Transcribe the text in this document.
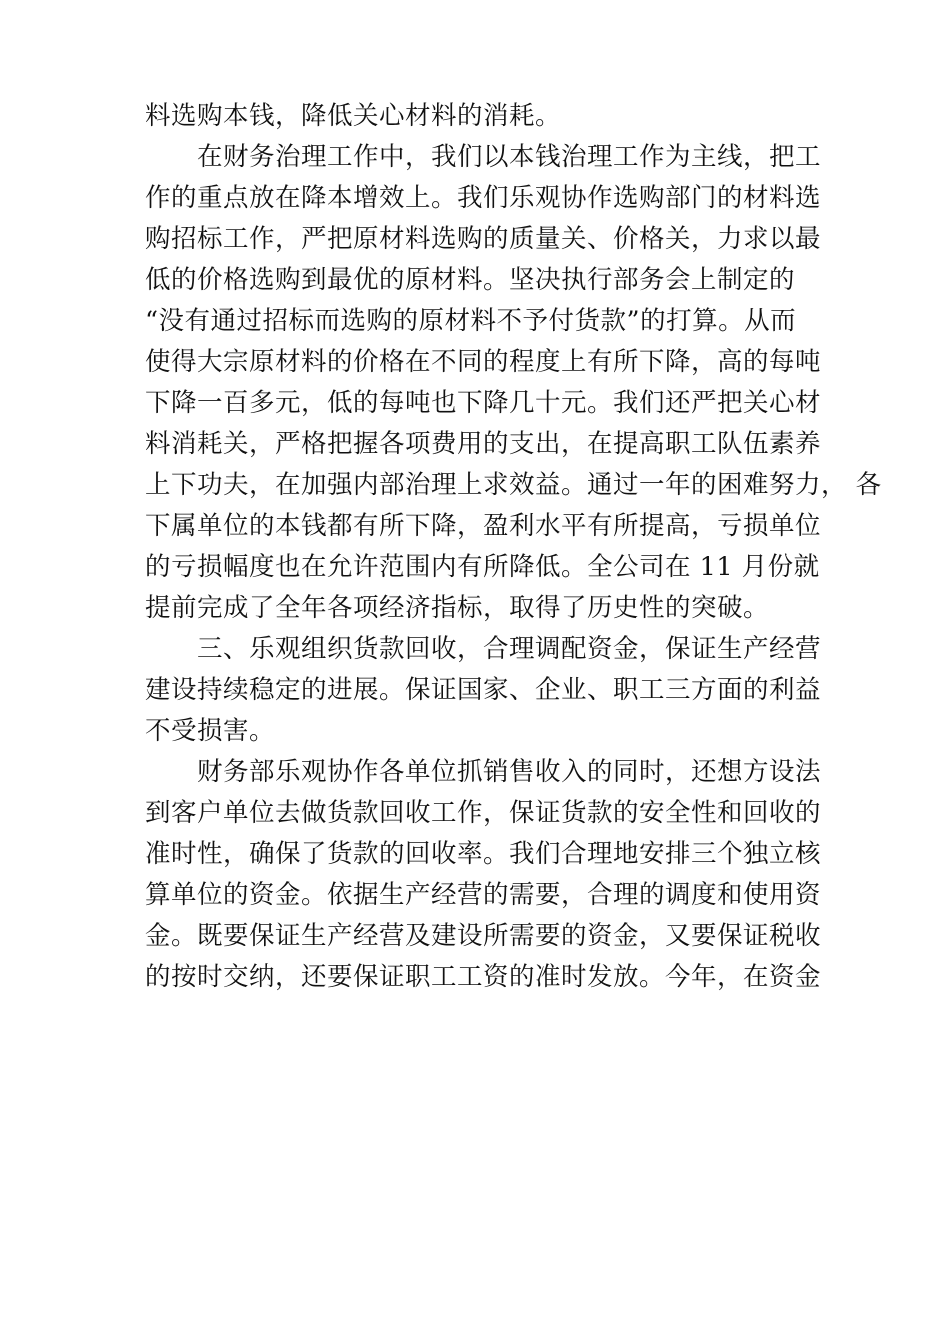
料选购本钱，降低关心材料的消耗。
在财务治理工作中，我们以本钱治理工作为主线，把工
作的重点放在降本增效上。我们乐观协作选购部门的材料选
购招标工作，严把原材料选购的质量关、价格关，力求以最
低的价格选购到最优的原材料。坚决执行部务会上制定的
“没有通过招标而选购的原材料不予付货款”的打算。从而
使得大宗原材料的价格在不同的程度上有所下降，高的每吨
下降一百多元，低的每吨也下降几十元。我们还严把关心材
料消耗关，严格把握各项费用的支出，在提高职工队伍素养
上下功夫，在加强内部治理上求效益。通过一年的困难努力， 各
下属单位的本钱都有所下降，盈利水平有所提高，亏损单位
的亏损幅度也在允许范围内有所降低。全公司在 11 月份就
提前完成了全年各项经济指标，取得了历史性的突破。
三、乐观组织货款回收，合理调配资金，保证生产经营
建设持续稳定的进展。保证国家、企业、职工三方面的利益
不受损害。
财务部乐观协作各单位抓销售收入的同时，还想方设法
到客户单位去做货款回收工作，保证货款的安全性和回收的
准时性，确保了货款的回收率。我们合理地安排三个独立核
算单位的资金。依据生产经营的需要，合理的调度和使用资
金。既要保证生产经营及建设所需要的资金，又要保证税收
的按时交纳，还要保证职工工资的准时发放。今年，在资金
